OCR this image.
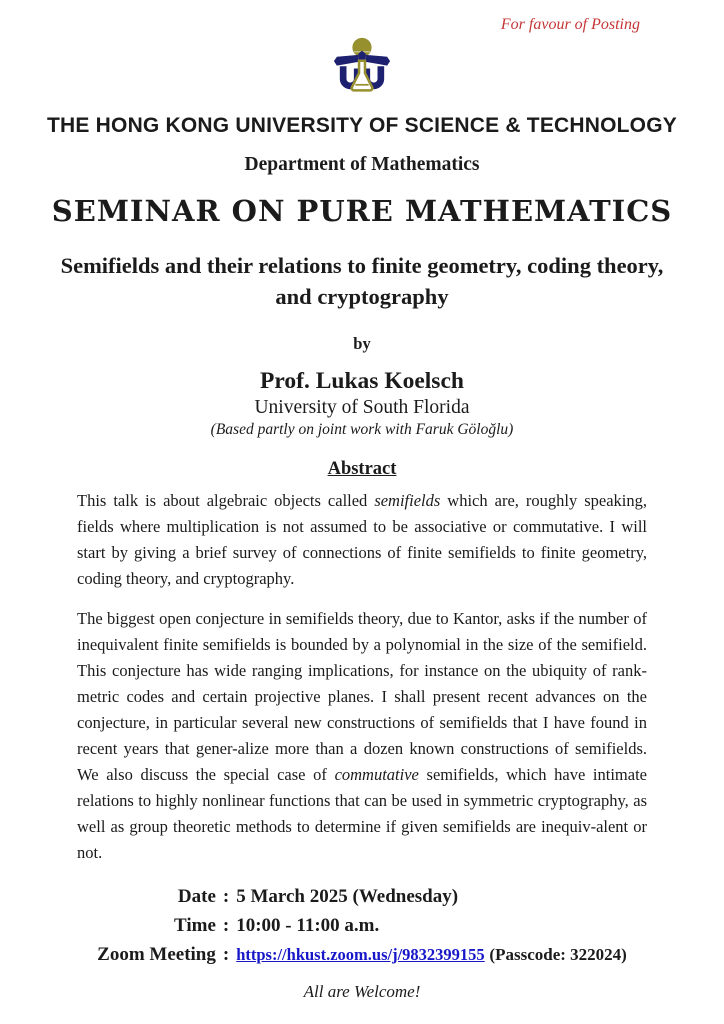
For favour of Posting
THE HONG KONG UNIVERSITY OF SCIENCE & TECHNOLOGY
Department of Mathematics
SEMINAR ON PURE MATHEMATICS
Semifields and their relations to finite geometry, coding theory, and cryptography
by
Prof. Lukas Koelsch
University of South Florida
(Based partly on joint work with Faruk Göloğlu)
Abstract

This talk is about algebraic objects called semifields which are, roughly speaking, fields where multiplication is not assumed to be associative or commutative. I will start by giving a brief survey of connections of finite semifields to finite geometry, coding theory, and cryptography.

The biggest open conjecture in semifields theory, due to Kantor, asks if the number of inequivalent finite semifields is bounded by a polynomial in the size of the semifield. This conjecture has wide ranging implications, for instance on the ubiquity of rank-metric codes and certain projective planes. I shall present recent advances on the conjecture, in particular several new constructions of semifields that I have found in recent years that gener-alize more than a dozen known constructions of semifields. We also discuss the special case of commutative semifields, which have intimate relations to highly nonlinear functions that can be used in symmetric cryptography, as well as group theoretic methods to determine if given semifields are inequiv-alent or not.

Date : 5 March 2025 (Wednesday)
Time : 10:00 - 11:00 a.m.
Zoom Meeting : https://hkust.zoom.us/j/9832399155 (Passcode: 322024)
All are Welcome!
